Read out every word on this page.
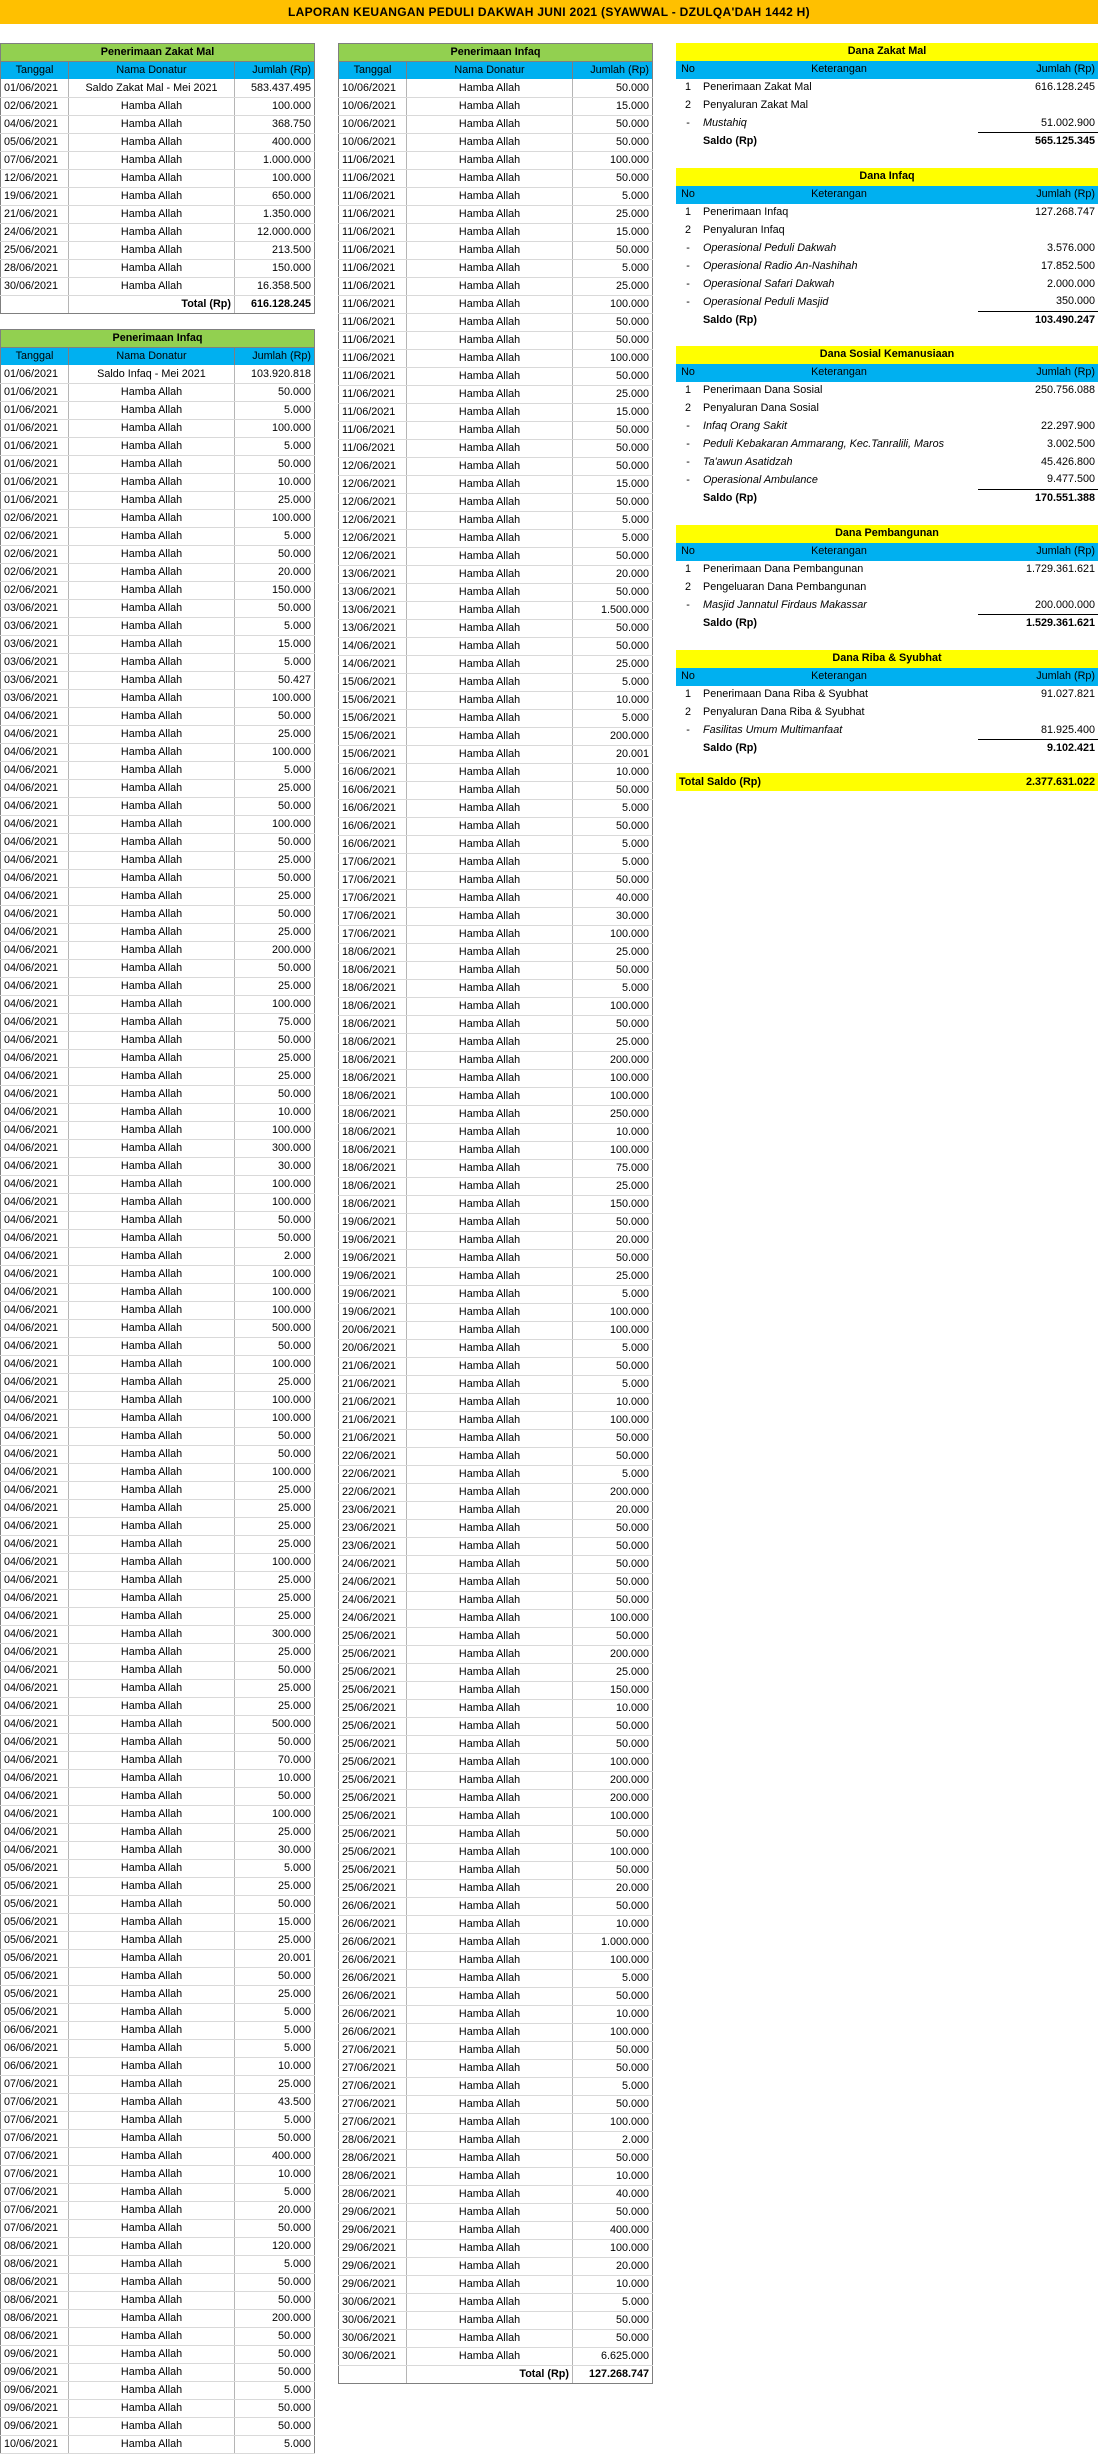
LAPORAN KEUANGAN PEDULI DAKWAH JUNI 2021 (SYAWWAL - DZULQA'DAH 1442 H)
Penerimaan Zakat Mal		
Tanggal	Nama Donatur	Jumlah (Rp)
01/06/2021	Saldo Zakat Mal - Mei 2021	583.437.495
02/06/2021	Hamba Allah	100.000
04/06/2021	Hamba Allah	368.750
05/06/2021	Hamba Allah	400.000
07/06/2021	Hamba Allah	1.000.000
12/06/2021	Hamba Allah	100.000
19/06/2021	Hamba Allah	650.000
21/06/2021	Hamba Allah	1.350.000
24/06/2021	Hamba Allah	12.000.000
25/06/2021	Hamba Allah	213.500
28/06/2021	Hamba Allah	150.000
30/06/2021	Hamba Allah	16.358.500
	Total (Rp)	616.128.245
Penerimaan Infaq		
Tanggal	Nama Donatur	Jumlah (Rp)
01/06/2021	Saldo Infaq - Mei 2021	103.920.818
01/06/2021	Hamba Allah	50.000
01/06/2021	Hamba Allah	5.000
01/06/2021	Hamba Allah	100.000
01/06/2021	Hamba Allah	5.000
01/06/2021	Hamba Allah	50.000
01/06/2021	Hamba Allah	10.000
01/06/2021	Hamba Allah	25.000
02/06/2021	Hamba Allah	100.000
02/06/2021	Hamba Allah	5.000
02/06/2021	Hamba Allah	50.000
02/06/2021	Hamba Allah	20.000
02/06/2021	Hamba Allah	150.000
03/06/2021	Hamba Allah	50.000
03/06/2021	Hamba Allah	5.000
03/06/2021	Hamba Allah	15.000
03/06/2021	Hamba Allah	5.000
03/06/2021	Hamba Allah	50.427
03/06/2021	Hamba Allah	100.000
04/06/2021	Hamba Allah	50.000
04/06/2021	Hamba Allah	25.000
04/06/2021	Hamba Allah	100.000
04/06/2021	Hamba Allah	5.000
04/06/2021	Hamba Allah	25.000
04/06/2021	Hamba Allah	50.000
04/06/2021	Hamba Allah	100.000
04/06/2021	Hamba Allah	50.000
04/06/2021	Hamba Allah	25.000
04/06/2021	Hamba Allah	50.000
04/06/2021	Hamba Allah	25.000
04/06/2021	Hamba Allah	50.000
04/06/2021	Hamba Allah	25.000
04/06/2021	Hamba Allah	200.000
04/06/2021	Hamba Allah	50.000
04/06/2021	Hamba Allah	25.000
04/06/2021	Hamba Allah	100.000
04/06/2021	Hamba Allah	75.000
04/06/2021	Hamba Allah	50.000
04/06/2021	Hamba Allah	25.000
04/06/2021	Hamba Allah	25.000
04/06/2021	Hamba Allah	50.000
04/06/2021	Hamba Allah	10.000
04/06/2021	Hamba Allah	100.000
04/06/2021	Hamba Allah	300.000
04/06/2021	Hamba Allah	30.000
04/06/2021	Hamba Allah	100.000
04/06/2021	Hamba Allah	100.000
04/06/2021	Hamba Allah	50.000
04/06/2021	Hamba Allah	50.000
04/06/2021	Hamba Allah	2.000
04/06/2021	Hamba Allah	100.000
04/06/2021	Hamba Allah	100.000
04/06/2021	Hamba Allah	100.000
04/06/2021	Hamba Allah	500.000
04/06/2021	Hamba Allah	50.000
04/06/2021	Hamba Allah	100.000
04/06/2021	Hamba Allah	25.000
04/06/2021	Hamba Allah	100.000
04/06/2021	Hamba Allah	100.000
04/06/2021	Hamba Allah	50.000
04/06/2021	Hamba Allah	50.000
04/06/2021	Hamba Allah	100.000
04/06/2021	Hamba Allah	25.000
04/06/2021	Hamba Allah	25.000
04/06/2021	Hamba Allah	25.000
04/06/2021	Hamba Allah	25.000
04/06/2021	Hamba Allah	100.000
04/06/2021	Hamba Allah	25.000
04/06/2021	Hamba Allah	25.000
04/06/2021	Hamba Allah	25.000
04/06/2021	Hamba Allah	300.000
04/06/2021	Hamba Allah	25.000
04/06/2021	Hamba Allah	50.000
04/06/2021	Hamba Allah	25.000
04/06/2021	Hamba Allah	25.000
04/06/2021	Hamba Allah	500.000
04/06/2021	Hamba Allah	50.000
04/06/2021	Hamba Allah	70.000
04/06/2021	Hamba Allah	10.000
04/06/2021	Hamba Allah	50.000
04/06/2021	Hamba Allah	100.000
04/06/2021	Hamba Allah	25.000
04/06/2021	Hamba Allah	30.000
05/06/2021	Hamba Allah	5.000
05/06/2021	Hamba Allah	25.000
05/06/2021	Hamba Allah	50.000
05/06/2021	Hamba Allah	15.000
05/06/2021	Hamba Allah	25.000
05/06/2021	Hamba Allah	20.001
05/06/2021	Hamba Allah	50.000
05/06/2021	Hamba Allah	25.000
05/06/2021	Hamba Allah	5.000
06/06/2021	Hamba Allah	5.000
06/06/2021	Hamba Allah	5.000
06/06/2021	Hamba Allah	10.000
07/06/2021	Hamba Allah	25.000
07/06/2021	Hamba Allah	43.500
07/06/2021	Hamba Allah	5.000
07/06/2021	Hamba Allah	50.000
07/06/2021	Hamba Allah	400.000
07/06/2021	Hamba Allah	10.000
07/06/2021	Hamba Allah	5.000
07/06/2021	Hamba Allah	20.000
07/06/2021	Hamba Allah	50.000
08/06/2021	Hamba Allah	120.000
08/06/2021	Hamba Allah	5.000
08/06/2021	Hamba Allah	50.000
08/06/2021	Hamba Allah	50.000
08/06/2021	Hamba Allah	200.000
08/06/2021	Hamba Allah	50.000
09/06/2021	Hamba Allah	50.000
09/06/2021	Hamba Allah	50.000
09/06/2021	Hamba Allah	5.000
09/06/2021	Hamba Allah	50.000
09/06/2021	Hamba Allah	50.000
10/06/2021	Hamba Allah	5.000
Penerimaan Infaq		
Tanggal	Nama Donatur	Jumlah (Rp)
10/06/2021	Hamba Allah	50.000
10/06/2021	Hamba Allah	15.000
10/06/2021	Hamba Allah	50.000
10/06/2021	Hamba Allah	50.000
11/06/2021	Hamba Allah	100.000
11/06/2021	Hamba Allah	50.000
11/06/2021	Hamba Allah	5.000
11/06/2021	Hamba Allah	25.000
11/06/2021	Hamba Allah	15.000
11/06/2021	Hamba Allah	50.000
11/06/2021	Hamba Allah	5.000
11/06/2021	Hamba Allah	25.000
11/06/2021	Hamba Allah	100.000
11/06/2021	Hamba Allah	50.000
11/06/2021	Hamba Allah	50.000
11/06/2021	Hamba Allah	100.000
11/06/2021	Hamba Allah	50.000
11/06/2021	Hamba Allah	25.000
11/06/2021	Hamba Allah	15.000
11/06/2021	Hamba Allah	50.000
11/06/2021	Hamba Allah	50.000
12/06/2021	Hamba Allah	50.000
12/06/2021	Hamba Allah	15.000
12/06/2021	Hamba Allah	50.000
12/06/2021	Hamba Allah	5.000
12/06/2021	Hamba Allah	5.000
12/06/2021	Hamba Allah	50.000
13/06/2021	Hamba Allah	20.000
13/06/2021	Hamba Allah	50.000
13/06/2021	Hamba Allah	1.500.000
13/06/2021	Hamba Allah	50.000
14/06/2021	Hamba Allah	50.000
14/06/2021	Hamba Allah	25.000
15/06/2021	Hamba Allah	5.000
15/06/2021	Hamba Allah	10.000
15/06/2021	Hamba Allah	5.000
15/06/2021	Hamba Allah	200.000
15/06/2021	Hamba Allah	20.001
16/06/2021	Hamba Allah	10.000
16/06/2021	Hamba Allah	50.000
16/06/2021	Hamba Allah	5.000
16/06/2021	Hamba Allah	50.000
16/06/2021	Hamba Allah	5.000
17/06/2021	Hamba Allah	5.000
17/06/2021	Hamba Allah	50.000
17/06/2021	Hamba Allah	40.000
17/06/2021	Hamba Allah	30.000
17/06/2021	Hamba Allah	100.000
18/06/2021	Hamba Allah	25.000
18/06/2021	Hamba Allah	50.000
18/06/2021	Hamba Allah	5.000
18/06/2021	Hamba Allah	100.000
18/06/2021	Hamba Allah	50.000
18/06/2021	Hamba Allah	25.000
18/06/2021	Hamba Allah	200.000
18/06/2021	Hamba Allah	100.000
18/06/2021	Hamba Allah	100.000
18/06/2021	Hamba Allah	250.000
18/06/2021	Hamba Allah	10.000
18/06/2021	Hamba Allah	100.000
18/06/2021	Hamba Allah	75.000
18/06/2021	Hamba Allah	25.000
18/06/2021	Hamba Allah	150.000
19/06/2021	Hamba Allah	50.000
19/06/2021	Hamba Allah	20.000
19/06/2021	Hamba Allah	50.000
19/06/2021	Hamba Allah	25.000
19/06/2021	Hamba Allah	5.000
19/06/2021	Hamba Allah	100.000
20/06/2021	Hamba Allah	100.000
20/06/2021	Hamba Allah	5.000
21/06/2021	Hamba Allah	50.000
21/06/2021	Hamba Allah	5.000
21/06/2021	Hamba Allah	10.000
21/06/2021	Hamba Allah	100.000
21/06/2021	Hamba Allah	50.000
22/06/2021	Hamba Allah	50.000
22/06/2021	Hamba Allah	5.000
22/06/2021	Hamba Allah	200.000
23/06/2021	Hamba Allah	20.000
23/06/2021	Hamba Allah	50.000
23/06/2021	Hamba Allah	50.000
24/06/2021	Hamba Allah	50.000
24/06/2021	Hamba Allah	50.000
24/06/2021	Hamba Allah	50.000
24/06/2021	Hamba Allah	100.000
25/06/2021	Hamba Allah	50.000
25/06/2021	Hamba Allah	200.000
25/06/2021	Hamba Allah	25.000
25/06/2021	Hamba Allah	150.000
25/06/2021	Hamba Allah	10.000
25/06/2021	Hamba Allah	50.000
25/06/2021	Hamba Allah	50.000
25/06/2021	Hamba Allah	100.000
25/06/2021	Hamba Allah	200.000
25/06/2021	Hamba Allah	200.000
25/06/2021	Hamba Allah	100.000
25/06/2021	Hamba Allah	50.000
25/06/2021	Hamba Allah	100.000
25/06/2021	Hamba Allah	50.000
25/06/2021	Hamba Allah	20.000
26/06/2021	Hamba Allah	50.000
26/06/2021	Hamba Allah	10.000
26/06/2021	Hamba Allah	1.000.000
26/06/2021	Hamba Allah	100.000
26/06/2021	Hamba Allah	5.000
26/06/2021	Hamba Allah	50.000
26/06/2021	Hamba Allah	10.000
26/06/2021	Hamba Allah	100.000
27/06/2021	Hamba Allah	50.000
27/06/2021	Hamba Allah	50.000
27/06/2021	Hamba Allah	5.000
27/06/2021	Hamba Allah	50.000
27/06/2021	Hamba Allah	100.000
28/06/2021	Hamba Allah	2.000
28/06/2021	Hamba Allah	50.000
28/06/2021	Hamba Allah	10.000
28/06/2021	Hamba Allah	40.000
29/06/2021	Hamba Allah	50.000
29/06/2021	Hamba Allah	400.000
29/06/2021	Hamba Allah	100.000
29/06/2021	Hamba Allah	20.000
29/06/2021	Hamba Allah	10.000
30/06/2021	Hamba Allah	5.000
30/06/2021	Hamba Allah	50.000
30/06/2021	Hamba Allah	50.000
30/06/2021	Hamba Allah	6.625.000
	Total (Rp)	127.268.747
Dana Zakat Mal		
No	Keterangan	Jumlah (Rp)
1	Penerimaan Zakat Mal	616.128.245
2	Penyaluran Zakat Mal	
-	Mustahiq	51.002.900
	Saldo (Rp)	565.125.345
Dana Infaq		
No	Keterangan	Jumlah (Rp)
1	Penerimaan Infaq	127.268.747
2	Penyaluran Infaq	
-	Operasional Peduli Dakwah	3.576.000
-	Operasional Radio An-Nashihah	17.852.500
-	Operasional Safari Dakwah	2.000.000
-	Operasional Peduli Masjid	350.000
	Saldo (Rp)	103.490.247
Dana Sosial Kemanusiaan		
No	Keterangan	Jumlah (Rp)
1	Penerimaan Dana Sosial	250.756.088
2	Penyaluran Dana Sosial	
-	Infaq Orang Sakit	22.297.900
-	Peduli Kebakaran Ammarang, Kec.Tanralili, Maros	3.002.500
-	Ta'awun Asatidzah	45.426.800
-	Operasional Ambulance	9.477.500
	Saldo (Rp)	170.551.388
Dana Pembangunan		
No	Keterangan	Jumlah (Rp)
1	Penerimaan Dana Pembangunan	1.729.361.621
2	Pengeluaran Dana Pembangunan	
-	Masjid Jannatul Firdaus Makassar	200.000.000
	Saldo (Rp)	1.529.361.621
Dana Riba & Syubhat		
No	Keterangan	Jumlah (Rp)
1	Penerimaan Dana Riba & Syubhat	91.027.821
2	Penyaluran Dana Riba & Syubhat	
-	Fasilitas Umum Multimanfaat	81.925.400
	Saldo (Rp)	9.102.421
Total Saldo (Rp)	2.377.631.022
